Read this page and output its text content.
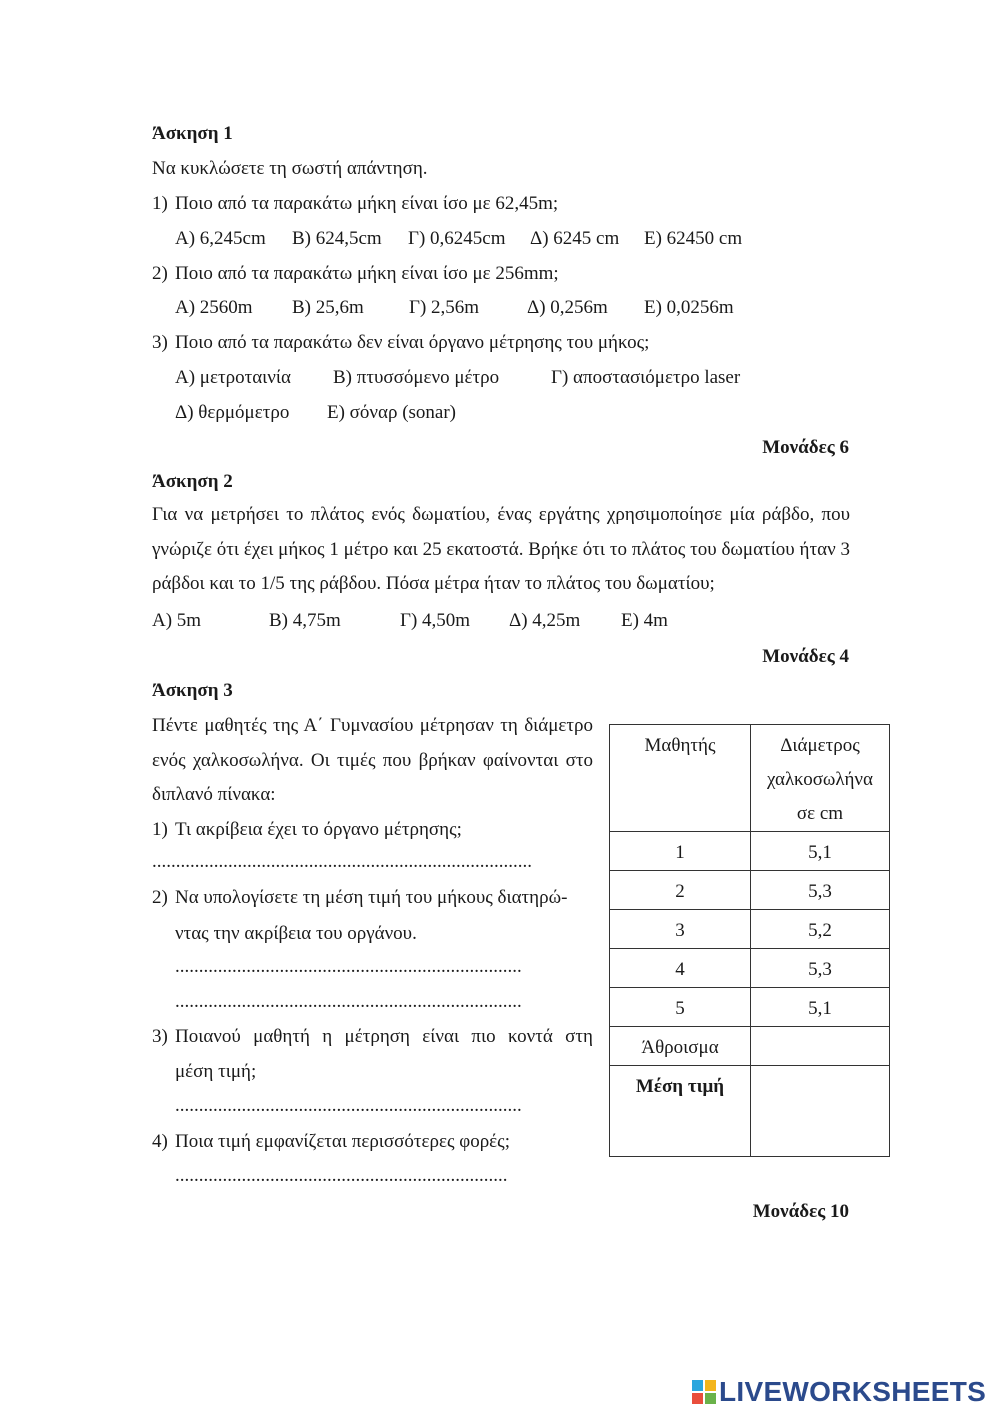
Άσκηση 1
Να κυκλώσετε τη σωστή απάντηση.
1) Ποιο από τα παρακάτω μήκη είναι ίσο με 62,45m;
Α) 6,245cm Β) 624,5cm Γ) 0,6245cm Δ) 6245 cm Ε) 62450 cm
2) Ποιο από τα παρακάτω μήκη είναι ίσο με 256mm;
Α) 2560m Β) 25,6m Γ) 2,56m	Δ) 0,256m Ε) 0,0256m
3) Ποιο από τα παρακάτω δεν είναι όργανο μέτρησης του μήκος;
Α) μετροταινία Β) πτυσσόμενο μέτρο	Γ) αποστασιόμετρο laser
Δ) θερμόμετρο Ε) σόναρ (sonar)
Μονάδες 6
Άσκηση 2
Για να μετρήσει το πλάτος ενός δωματίου, ένας εργάτης χρησιμοποίησε μία ράβδο, που γνώριζε ότι έχει μήκος 1 μέτρο και 25 εκατοστά. Βρήκε ότι το πλάτος του δωματίου ήταν 3 ράβδοι και το 1/5 της ράβδου. Πόσα μέτρα ήταν το πλάτος του δωματίου;
Α) 5m	Β) 4,75m	Γ) 4,50m Δ) 4,25m Ε) 4m
Μονάδες 4
Άσκηση 3
Πέντε μαθητές της Α΄ Γυμνασίου μέτρησαν τη διάμετρο ενός χαλκοσωλήνα. Οι τιμές που βρήκαν φαίνονται στο διπλανό πίνακα:
1) Τι ακρίβεια έχει το όργανο μέτρησης;
................................................................................
2) Να υπολογίσετε τη μέση τιμή του μήκους διατηρώ-
ντας την ακρίβεια του οργάνου.
.........................................................................
.........................................................................
3) Ποιανού μαθητή η μέτρηση είναι πιο κοντά στη
μέση τιμή;
.........................................................................
4) Ποια τιμή εμφανίζεται περισσότερες φορές;
......................................................................
Μαθητής	Διάμετρος
χαλκοσωλήνα
σε cm

1	5,1
2	5,3
3	5,2
4	5,3
5	5,1
Άθροισμα	
Μέση τιμή	
Μονάδες 10
LIVEWORKSHEETS
